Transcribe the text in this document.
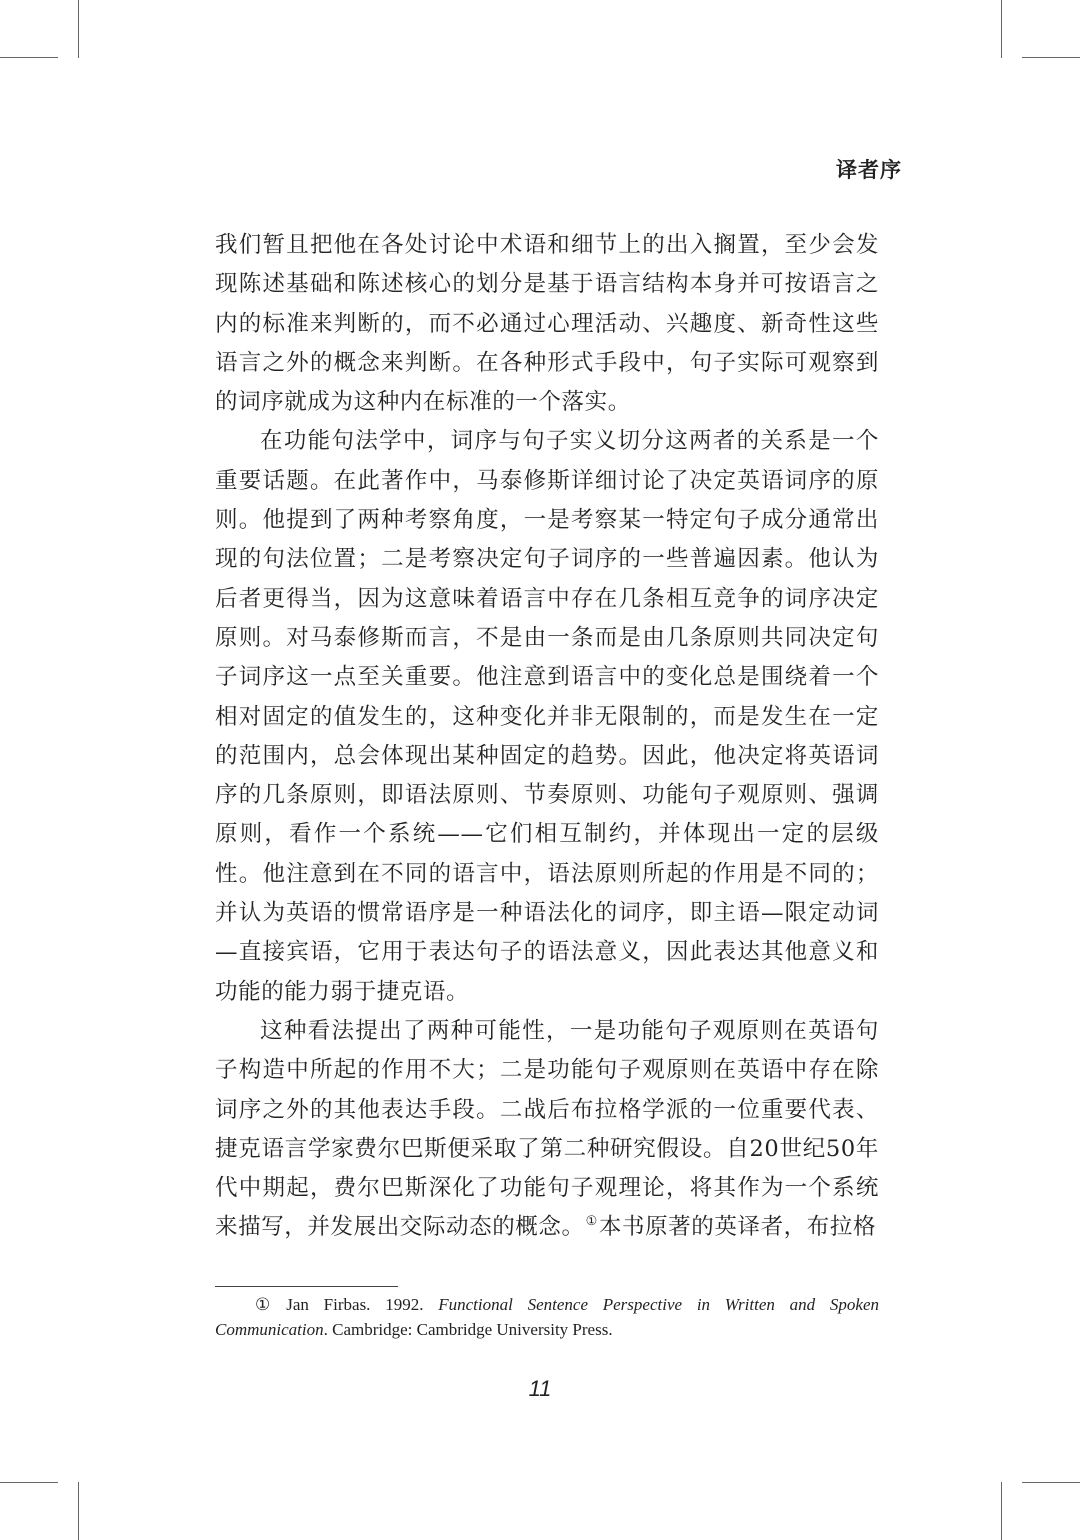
译者序

我们暂且把他在各处讨论中术语和细节上的出入搁置，至少会发现陈述基础和陈述核心的划分是基于语言结构本身并可按语言之内的标准来判断的，而不必通过心理活动、兴趣度、新奇性这些语言之外的概念来判断。在各种形式手段中，句子实际可观察到的词序就成为这种内在标准的一个落实。

在功能句法学中，词序与句子实义切分这两者的关系是一个重要话题。在此著作中，马泰修斯详细讨论了决定英语词序的原则。他提到了两种考察角度，一是考察某一特定句子成分通常出现的句法位置；二是考察决定句子词序的一些普遍因素。他认为后者更得当，因为这意味着语言中存在几条相互竞争的词序决定原则。对马泰修斯而言，不是由一条而是由几条原则共同决定句子词序这一点至关重要。他注意到语言中的变化总是围绕着一个相对固定的值发生的，这种变化并非无限制的，而是发生在一定的范围内，总会体现出某种固定的趋势。因此，他决定将英语词序的几条原则，即语法原则、节奏原则、功能句子观原则、强调原则，看作一个系统——它们相互制约，并体现出一定的层级性。他注意到在不同的语言中，语法原则所起的作用是不同的；并认为英语的惯常语序是一种语法化的词序，即主语—限定动词—直接宾语，它用于表达句子的语法意义，因此表达其他意义和功能的能力弱于捷克语。

这种看法提出了两种可能性，一是功能句子观原则在英语句子构造中所起的作用不大；二是功能句子观原则在英语中存在除词序之外的其他表达手段。二战后布拉格学派的一位重要代表、捷克语言学家费尔巴斯便采取了第二种研究假设。自20世纪50年代中期起，费尔巴斯深化了功能句子观理论，将其作为一个系统来描写，并发展出交际动态的概念。①本书原著的英译者，布拉格

① Jan Firbas. 1992. Functional Sentence Perspective in Written and Spoken Communication. Cambridge: Cambridge University Press.
11
